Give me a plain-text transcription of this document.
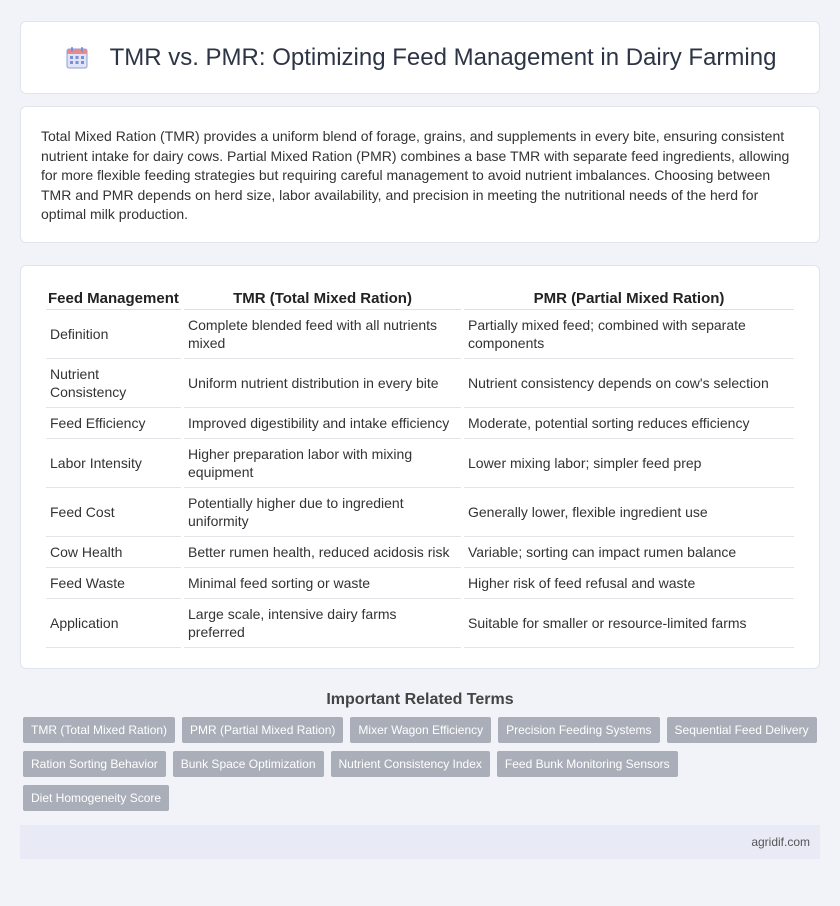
TMR vs. PMR: Optimizing Feed Management in Dairy Farming

Total Mixed Ration (TMR) provides a uniform blend of forage, grains, and supplements in every bite, ensuring consistent nutrient intake for dairy cows. Partial Mixed Ration (PMR) combines a base TMR with separate feed ingredients, allowing for more flexible feeding strategies but requiring careful management to avoid nutrient imbalances. Choosing between TMR and PMR depends on herd size, labor availability, and precision in meeting the nutritional needs of the herd for optimal milk production.

Feed Management	TMR (Total Mixed Ration)	PMR (Partial Mixed Ration)
Definition	Complete blended feed with all nutrients mixed	Partially mixed feed; combined with separate components
Nutrient Consistency	Uniform nutrient distribution in every bite	Nutrient consistency depends on cow's selection
Feed Efficiency	Improved digestibility and intake efficiency	Moderate, potential sorting reduces efficiency
Labor Intensity	Higher preparation labor with mixing equipment	Lower mixing labor; simpler feed prep
Feed Cost	Potentially higher due to ingredient uniformity	Generally lower, flexible ingredient use
Cow Health	Better rumen health, reduced acidosis risk	Variable; sorting can impact rumen balance
Feed Waste	Minimal feed sorting or waste	Higher risk of feed refusal and waste
Application	Large scale, intensive dairy farms preferred	Suitable for smaller or resource-limited farms
Important Related Terms
TMR (Total Mixed Ration)	PMR (Partial Mixed Ration)	Mixer Wagon Efficiency	Precision Feeding Systems	Sequential Feed Delivery
Ration Sorting Behavior	Bunk Space Optimization	Nutrient Consistency Index	Feed Bunk Monitoring Sensors
Diet Homogeneity Score
agridif.com
